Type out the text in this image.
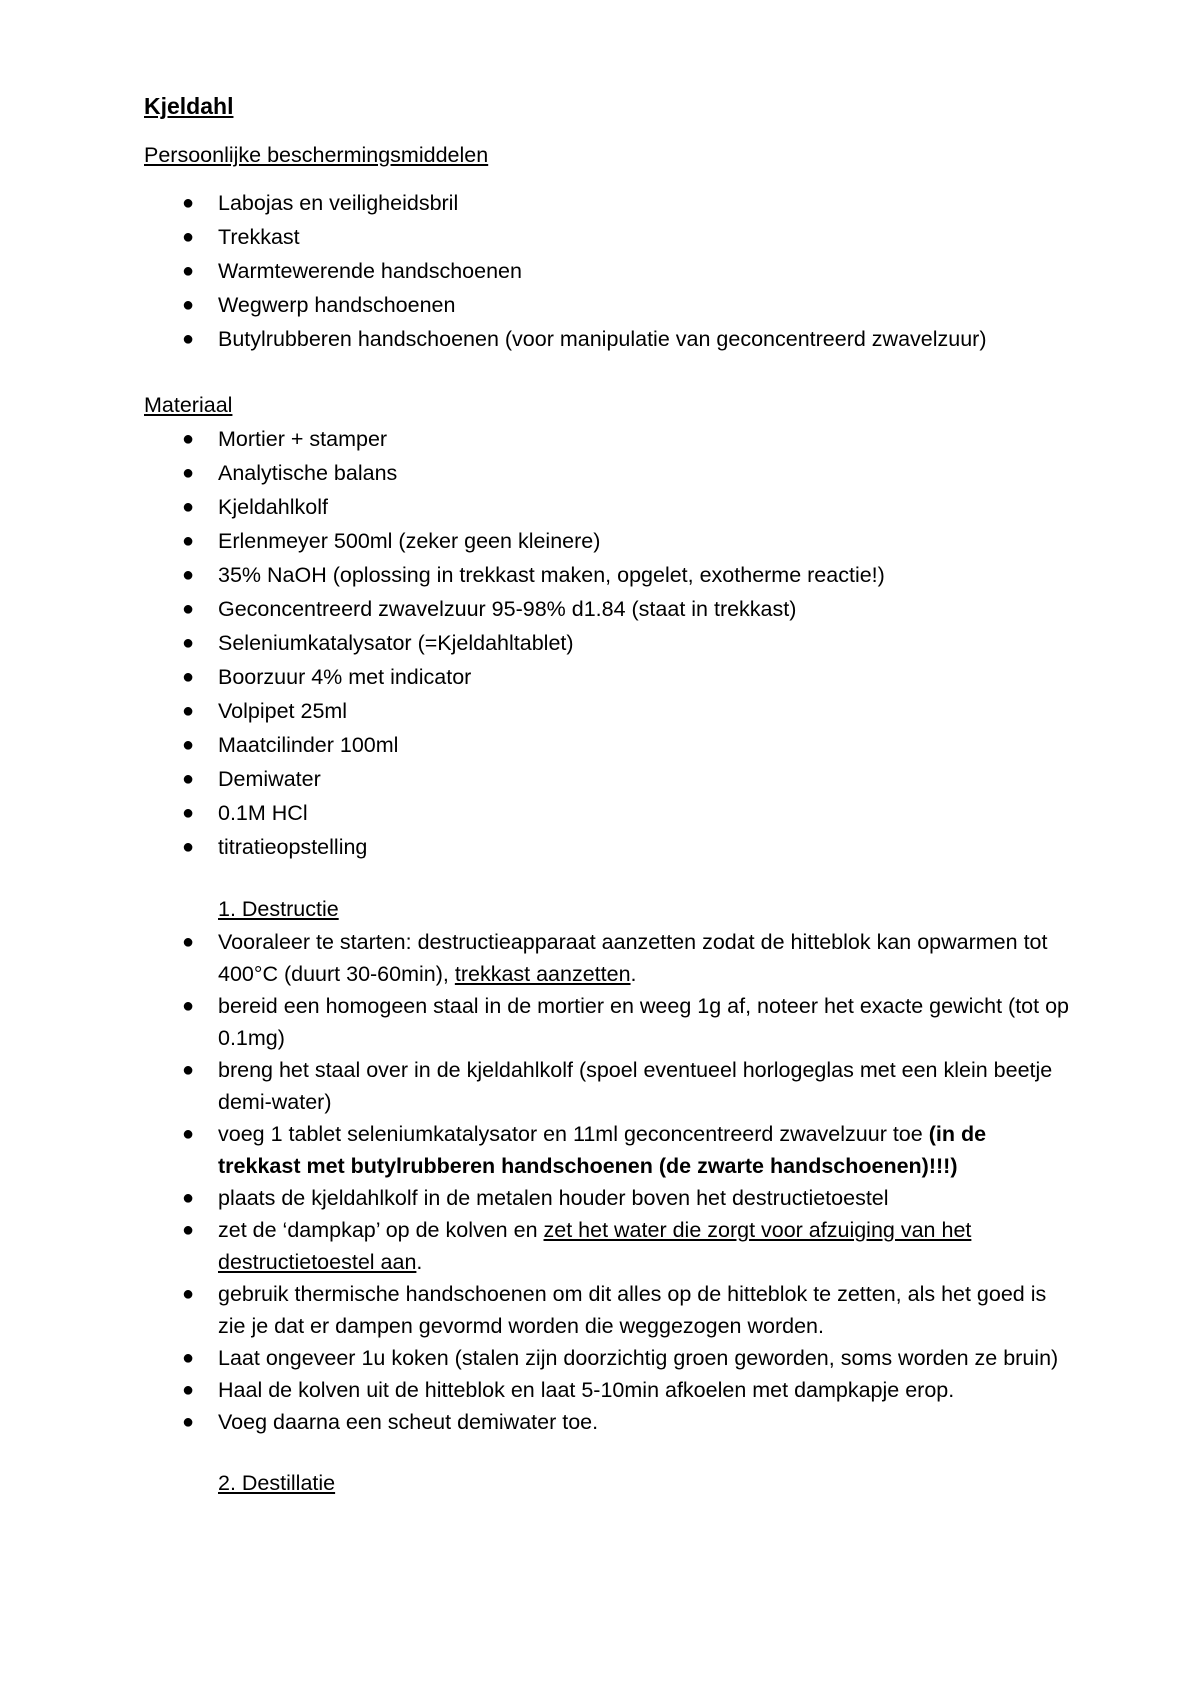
Kjeldahl
Persoonlijke beschermingsmiddelen
● Labojas en veiligheidsbril
● Trekkast
● Warmtewerende handschoenen
● Wegwerp handschoenen
● Butylrubberen handschoenen (voor manipulatie van geconcentreerd zwavelzuur)
Materiaal
● Mortier + stamper
● Analytische balans
● Kjeldahlkolf
● Erlenmeyer 500ml (zeker geen kleinere)
● 35% NaOH (oplossing in trekkast maken, opgelet, exotherme reactie!)
● Geconcentreerd zwavelzuur 95-98% d1.84 (staat in trekkast)
● Seleniumkatalysator (=Kjeldahltablet)
● Boorzuur 4% met indicator
● Volpipet 25ml
● Maatcilinder 100ml
● Demiwater
● 0.1M HCl
● titratieopstelling
1. Destructie
● Vooraleer te starten: destructieapparaat aanzetten zodat de hitteblok kan opwarmen tot 400°C (duurt 30-60min), trekkast aanzetten.
● bereid een homogeen staal in de mortier en weeg 1g af, noteer het exacte gewicht (tot op 0.1mg)
● breng het staal over in de kjeldahlkolf (spoel eventueel horlogeglas met een klein beetje demi-water)
● voeg 1 tablet seleniumkatalysator en 11ml geconcentreerd zwavelzuur toe (in de trekkast met butylrubberen handschoenen (de zwarte handschoenen)!!!)
● plaats de kjeldahlkolf in de metalen houder boven het destructietoestel
● zet de ‘dampkap’ op de kolven en zet het water die zorgt voor afzuiging van het destructietoestel aan.
● gebruik thermische handschoenen om dit alles op de hitteblok te zetten, als het goed is zie je dat er dampen gevormd worden die weggezogen worden.
● Laat ongeveer 1u koken (stalen zijn doorzichtig groen geworden, soms worden ze bruin)
● Haal de kolven uit de hitteblok en laat 5-10min afkoelen met dampkapje erop.
● Voeg daarna een scheut demiwater toe.
2. Destillatie
